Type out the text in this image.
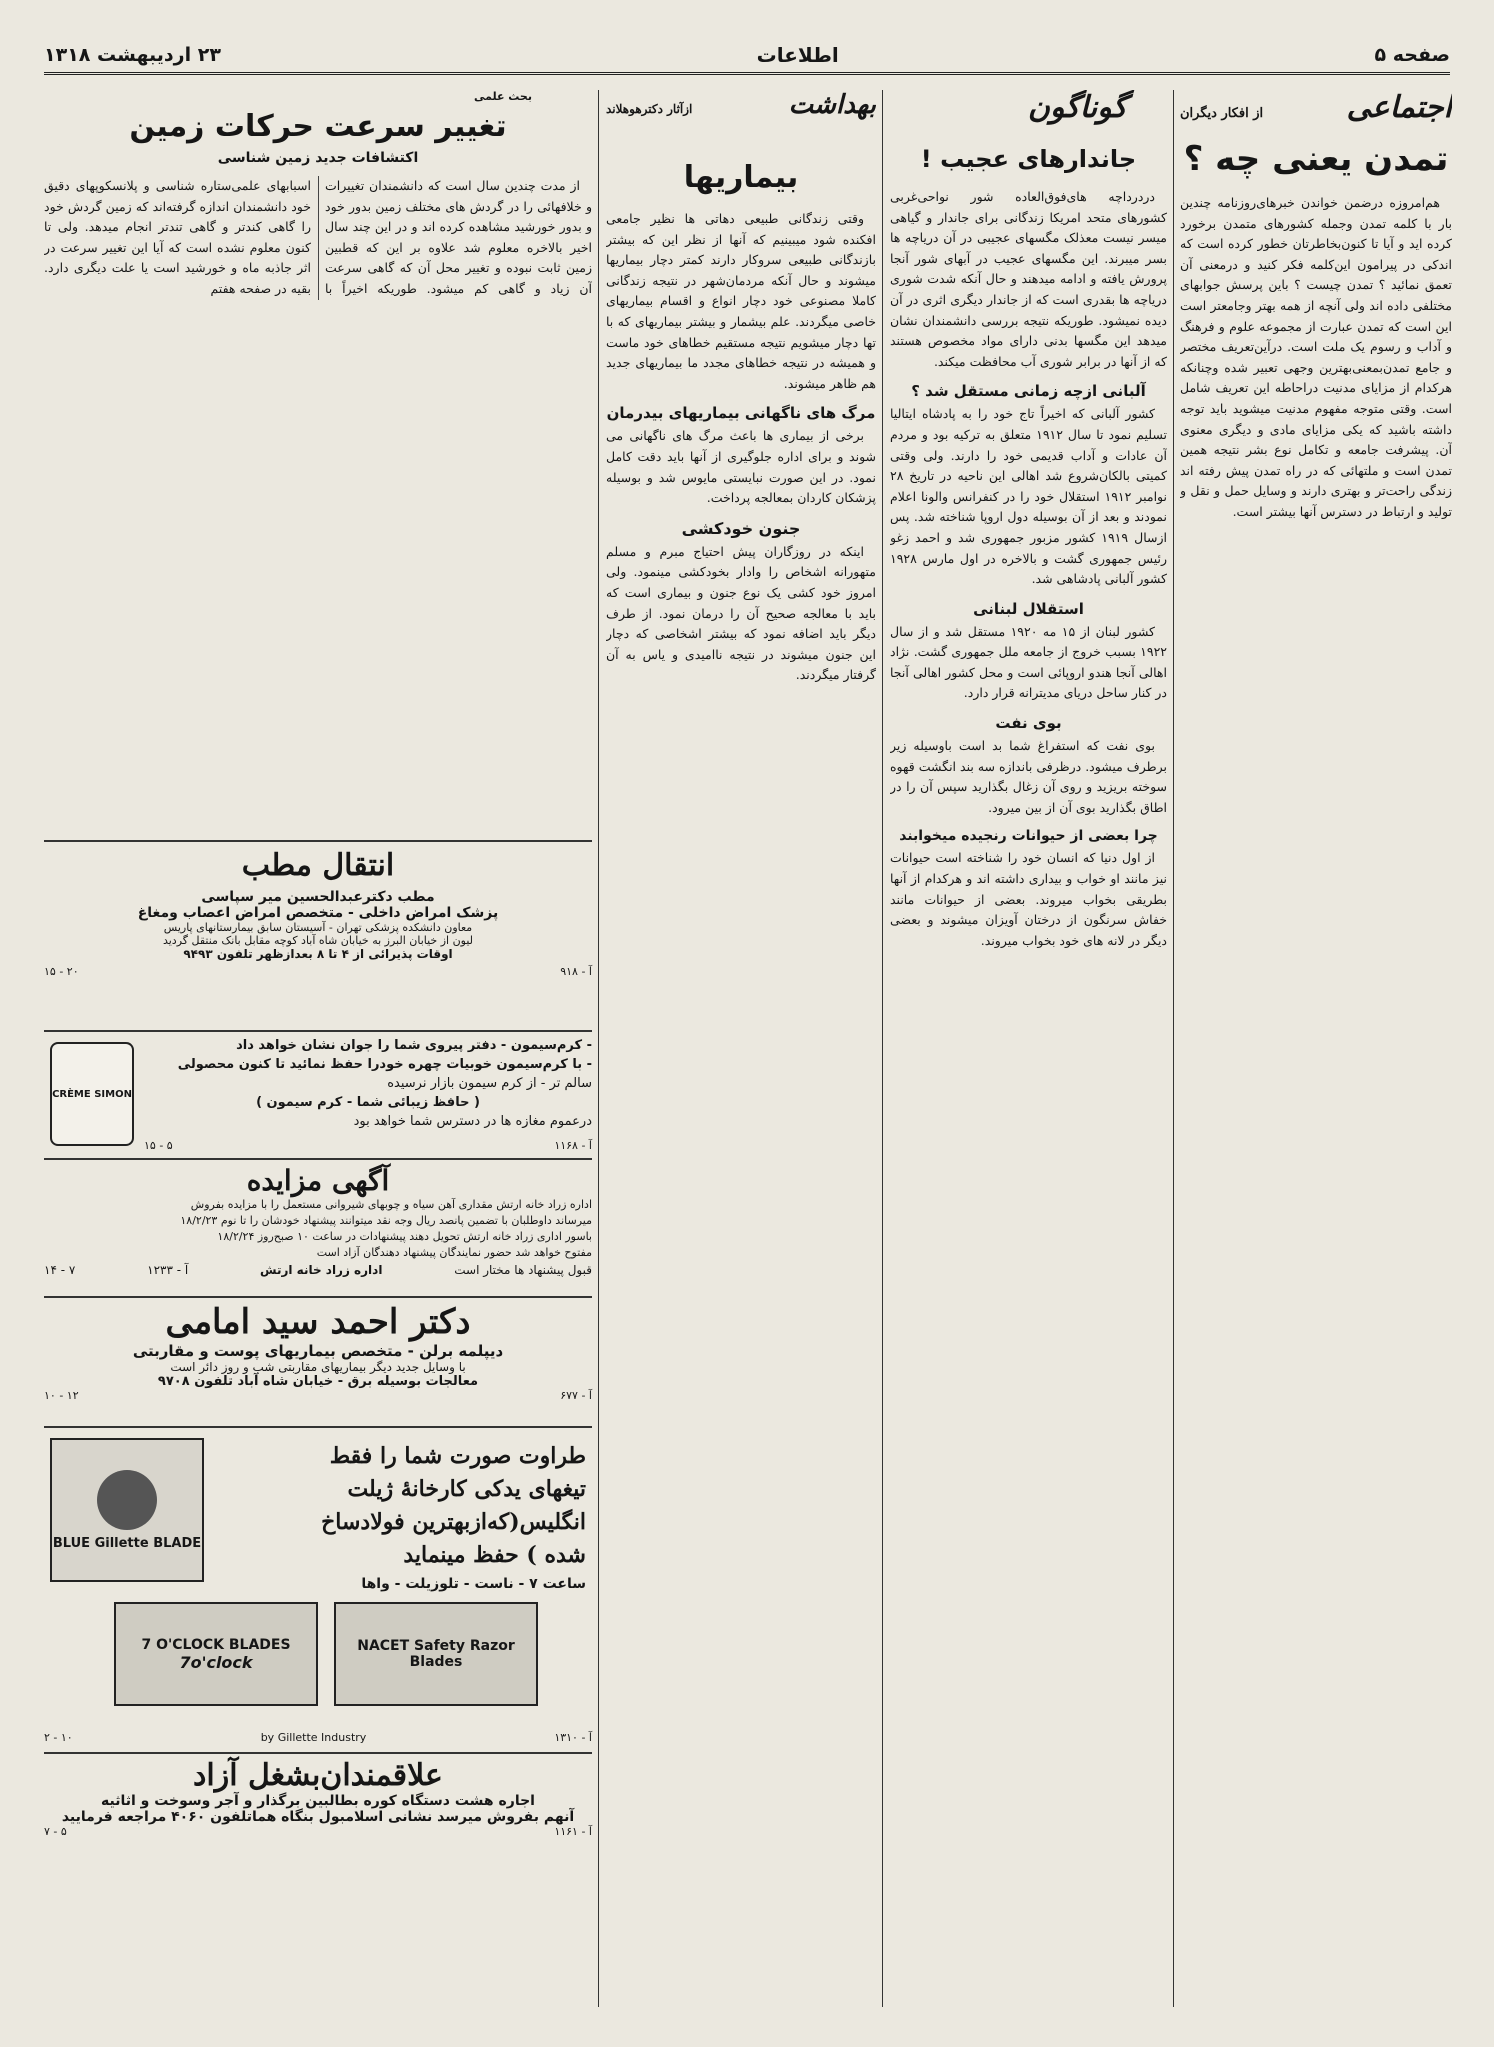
صفحه ۵
اطلاعات
۲۳ اردیبهشت ۱۳۱۸
اجتماعی
از افکار دیگران
تمدن یعنی چه ؟

هم‌امروزه درضمن خواندن خبرهای‌روزنامه چندین بار با کلمه تمدن وجمله کشورهای متمدن برخورد کرده اید و آیا تا کنون‌بخاطرتان خطور کرده است که اندکی در پیرامون این‌کلمه فکر کنید و درمعنی آن تعمق نمائید ؟ تمدن چیست ؟ باین پرسش جوابهای مختلفی داده اند ولی آنچه از همه بهتر وجامعتر است این است که تمدن عبارت از مجموعه علوم و فرهنگ و آداب و رسوم یک ملت است. درآین‌تعریف مختصر و جامع تمدن‌بمعنی‌بهترین وجهی تعبیر شده وچنانکه هرکدام از مزایای مدنیت دراحاطه این تعریف شامل است. وقتی متوجه مفهوم مدنیت میشوید باید توجه داشته باشید که یکی مزایای مادی و دیگری معنوی آن. پیشرفت جامعه و تکامل نوع بشر نتیجه همین تمدن است و ملتهائی که در راه تمدن پیش رفته اند زندگی راحت‌تر و بهتری دارند و وسایل حمل و نقل و تولید و ارتباط در دسترس آنها بیشتر است.

گوناگون
جاندارهای عجیب !

دردرداچه های‌فوق‌العاده شور نواحی‌غربی کشورهای متحد امریکا زندگانی برای جاندار و گیاهی میسر نیست معذلک مگسهای عجیبی در آن دریاچه ها بسر میبرند. این مگسهای عجیب در آبهای شور آنجا پرورش یافته و ادامه میدهند و حال آنکه شدت شوری دریاچه ها بقدری است که از جاندار دیگری اثری در آن دیده نمیشود. طوریکه نتیجه بررسی دانشمندان نشان میدهد این مگسها بدنی دارای مواد مخصوص هستند که از آنها در برابر شوری آب محافظت میکند.

آلبانی ازچه زمانی مستقل شد ؟

کشور آلبانی که اخیراً تاج خود را به پادشاه ایتالیا تسلیم نمود تا سال ۱۹۱۲ متعلق به ترکیه بود و مردم آن عادات و آداب قدیمی خود را دارند. ولی وقتی کمیتی بالکان‌شروع شد اهالی این ناحیه در تاریخ ۲۸ نوامبر ۱۹۱۲ استقلال خود را در کنفرانس والونا اعلام نمودند و بعد از آن بوسیله دول اروپا شناخته شد. پس ازسال ۱۹۱۹ کشور مزبور جمهوری شد و احمد زغو رئیس جمهوری گشت و بالاخره در اول مارس ۱۹۲۸ کشور آلبانی پادشاهی شد.

استقلال لبنانی

کشور لبنان از ۱۵ مه ۱۹۲۰ مستقل شد و از سال ۱۹۲۲ بسبب خروج از جامعه ملل جمهوری گشت. نژاد اهالی آنجا هندو اروپائی است و محل کشور اهالی آنجا در کنار ساحل دریای مدیترانه قرار دارد.

بوی نفت

بوی نفت که استفراغ شما بد است باوسیله زیر برطرف میشود. درظرفی باندازه سه بند انگشت قهوه سوخته بریزید و روی آن زغال بگذارید سپس آن را در اطاق بگذارید بوی آن از بین میرود.

چرا بعضی از حیوانات رنجیده میخوابند

از اول دنیا که انسان خود را شناخته است حیوانات نیز مانند او خواب و بیداری داشته اند و هرکدام از آنها بطریقی بخواب میروند. بعضی از حیوانات مانند خفاش سرنگون از درختان آویزان میشوند و بعضی دیگر در لانه های خود بخواب میروند.

بهداشت
ازآثار دکترهوهلاند
بیماریها

وقتی زندگانی طبیعی دهاتی ها نظیر جامعی افکنده شود میبینیم که آنها از نظر این که بیشتر بازندگانی طبیعی سروکار دارند کمتر دچار بیماریها میشوند و حال آنکه مردمان‌شهر در نتیجه زندگانی کاملا مصنوعی خود دچار انواع و اقسام بیماریهای خاصی میگردند. علم بیشمار و بیشتر بیماریهای که با تها دچار میشویم نتیجه مستقیم خطاهای خود ماست و همیشه در نتیجه خطاهای مجدد ما بیماریهای جدید هم ظاهر میشوند.

مرگ های ناگهانی بیماریهای بیدرمان

برخی از بیماری ها باعث مرگ های ناگهانی می شوند و برای اداره جلوگیری از آنها باید دقت کامل نمود. در این صورت نبایستی مایوس شد و بوسیله پزشکان کاردان بمعالجه پرداخت.

جنون خودکشی

اینکه در روزگاران پیش احتیاج مبرم و مسلم متهورانه اشخاص را وادار بخودکشی مینمود. ولی امروز خود کشی یک نوع جنون و بیماری است که باید با معالجه صحیح آن را درمان نمود. از طرف دیگر باید اضافه نمود که بیشتر اشخاصی که دچار این جنون میشوند در نتیجه ناامیدی و یاس به آن گرفتار میگردند.

بحث علمی
تغییر سرعت حرکات زمین
اکتشافات جدید زمین شناسی

از مدت چندین سال است که دانشمندان تغییرات و خلافهائی را در گردش های مختلف زمین بدور خود و بدور خورشید مشاهده کرده اند و در این چند سال اخیر بالاخره معلوم شد علاوه بر این که قطبین زمین ثابت نبوده و تغییر محل آن که گاهی سرعت آن زیاد و گاهی کم میشود. طوریکه اخیراً با اسبابهای علمی‌ستاره شناسی و پلانسکوپهای دقیق خود دانشمندان اندازه گرفته‌اند که زمین گردش خود را گاهی کندتر و گاهی تندتر انجام میدهد. ولی تا کنون معلوم نشده است که آیا این تغییر سرعت در اثر جاذبه ماه و خورشید است یا علت دیگری دارد. بقیه در صفحه هفتم

انتقال مطب
مطب دکترعبدالحسین میر سپاسی
پزشک امراض داخلی - متخصص امراض اعصاب ومغاغ
معاون دانشکده پزشکی تهران - آسیستان سابق بیمارستانهای پاریس
لیون از خیابان البرز به خیابان شاه آباد کوچه مقابل بانک منتقل گردید
اوقات پذیرائی از ۴ تا ۸ بعدازظهر تلفون ۹۴۹۳
آ - ۹۱۸
۲۰ - ۱۵
CRÈME SIMON
- کرم‌سیمون - دفتر پیروی شما را جوان نشان خواهد داد
- با کرم‌سیمون خوبیات چهره خودرا حفظ نمائید تا کنون محصولی
سالم تر - از کرم سیمون بازار نرسیده
( حافظ زیبائی شما - کرم سیمون )
درعموم مغازه ها در دسترس شما خواهد بود
آ - ۱۱۶۸
۵ - ۱۵
آگهی مزایده
اداره زراد خانه ارتش مقداری آهن سیاه و چوبهای شیروانی مستعمل را با مزایده بفروش
میرساند داوطلبان با تضمین پانصد ریال وجه نقد میتوانند پیشنهاد خودشان را تا نوم ۱۸/۲/۲۳
باسور اداری زراد خانه ارتش تحویل دهند پیشنهادات در ساعت ۱۰ صبح‌روز ۱۸/۲/۲۴
مفتوح خواهد شد حضور نمایندگان پیشنهاد دهندگان آزاد است
قبول پیشنهاد ها مختار است
اداره زراد خانه ارتش
آ - ۱۲۳۳
۷ - ۱۴
دکتر احمد سید امامی
دیپلمه برلن - متخصص بیماریهای پوست و مقاربتی
با وسایل جدید دیگر بیماریهای مقاربتی شب و روز دائر است
معالجات بوسیله برق - خیابان شاه آباد تلفون ۹۷۰۸
آ - ۶۷۷
۱۲ - ۱۰
BLUE Gillette BLADE
طراوت صورت شما را فقط
تیغهای یدکی کارخانهٔ ژیلت
انگلیس(که‌ازبهترین فولادساخ
شده ) حفظ مینماید
ساعت ۷ - ناست - تلوزیلت - واها
7 O'CLOCK BLADES
7o'clock
NACET Safety Razor Blades
۲ - ۱۰	by Gillette Industry	آ - ۱۳۱۰
علاقمندان‌بشغل آزاد
اجاره هشت دستگاه کوره بطالبین برگذار و آجر وسوخت و اثاثیه
آنهم بفروش میرسد نشانی اسلامبول بنگاه هماتلفون ۴۰۶۰ مراجعه فرمایید
آ - ۱۱۶۱
۵ - ۷
